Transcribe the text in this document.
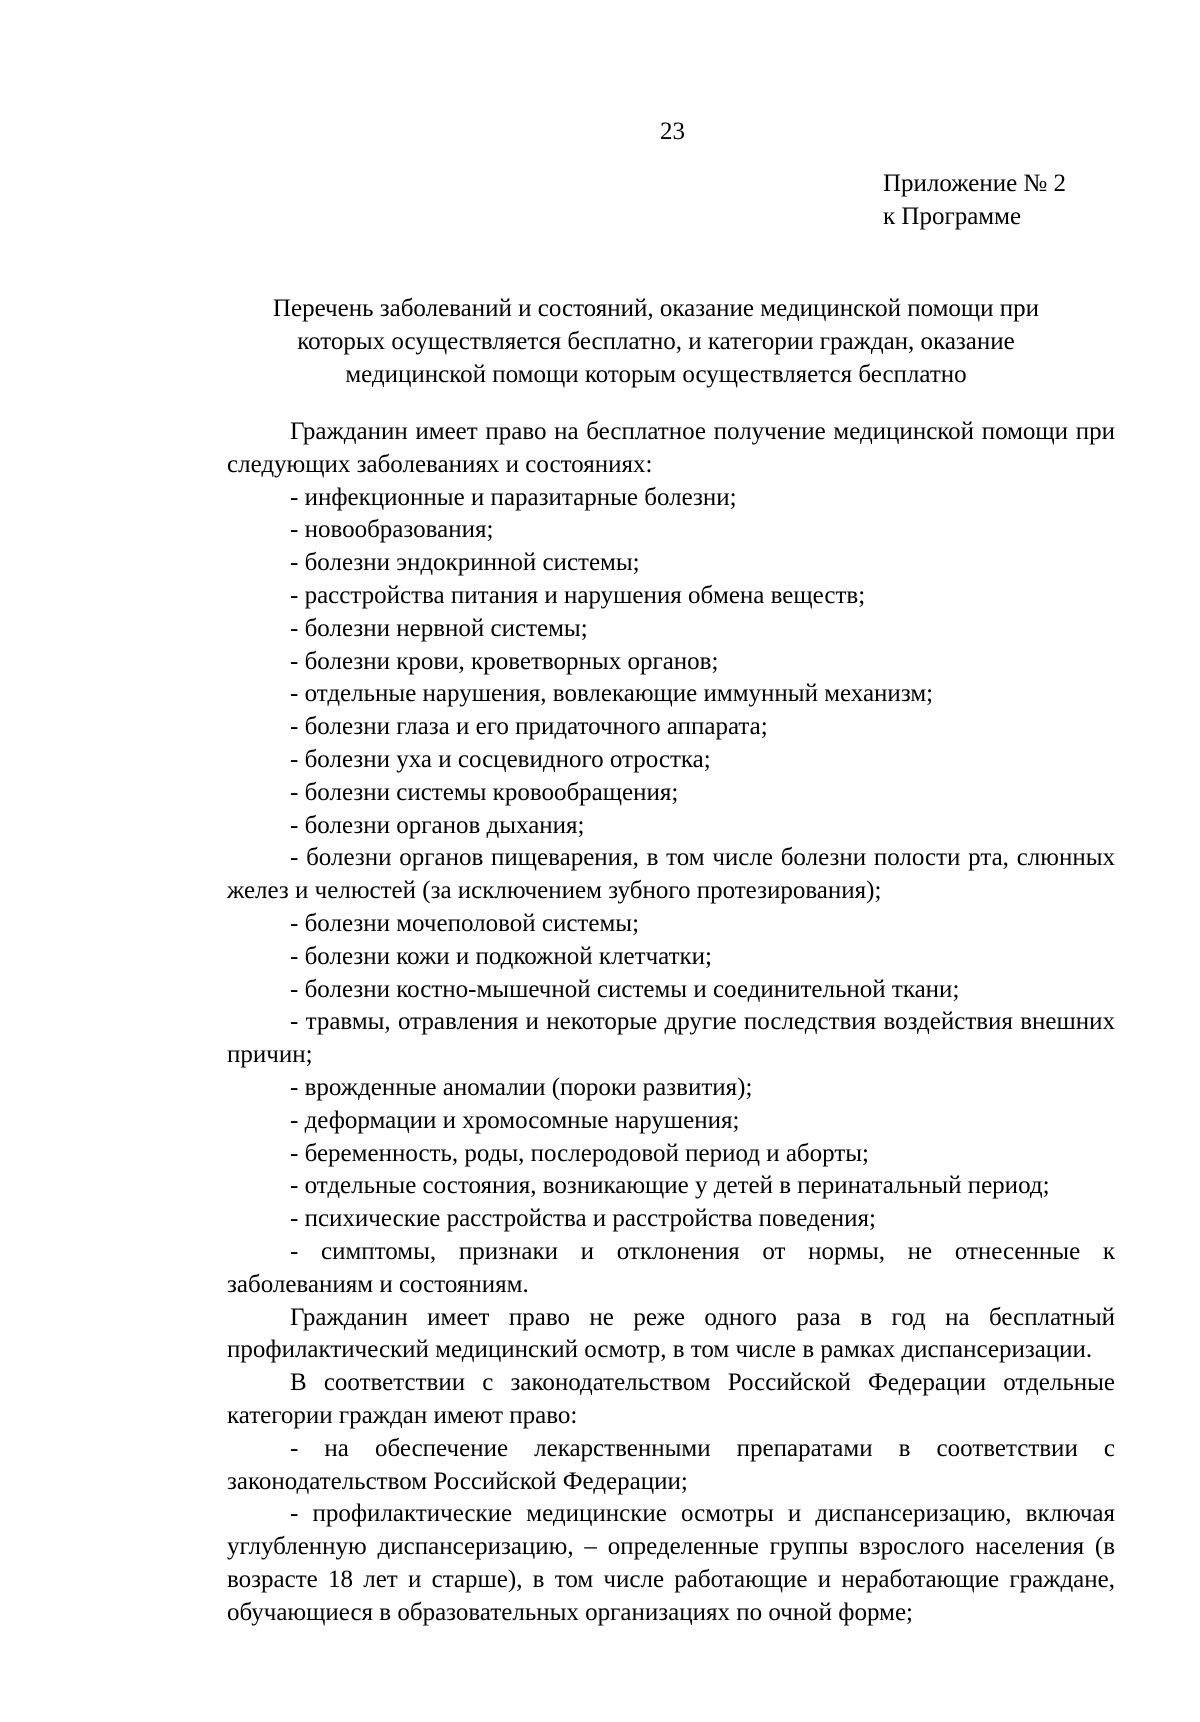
23
Приложение № 2
к Программе
Перечень заболеваний и состояний, оказание медицинской помощи при
которых осуществляется бесплатно, и категории граждан, оказание
медицинской помощи которым осуществляется бесплатно

Гражданин имеет право на бесплатное получение медицинской помощи при следующих заболеваниях и состояниях:

- инфекционные и паразитарные болезни;

- новообразования;

- болезни эндокринной системы;

- расстройства питания и нарушения обмена веществ;

- болезни нервной системы;

- болезни крови, кроветворных органов;

- отдельные нарушения, вовлекающие иммунный механизм;

- болезни глаза и его придаточного аппарата;

- болезни уха и сосцевидного отростка;

- болезни системы кровообращения;

- болезни органов дыхания;

- болезни органов пищеварения, в том числе болезни полости рта, слюнных желез и челюстей (за исключением зубного протезирования);

- болезни мочеполовой системы;

- болезни кожи и подкожной клетчатки;

- болезни костно-мышечной системы и соединительной ткани;

- травмы, отравления и некоторые другие последствия воздействия внешних причин;

- врожденные аномалии (пороки развития);

- деформации и хромосомные нарушения;

- беременность, роды, послеродовой период и аборты;

- отдельные состояния, возникающие у детей в перинатальный период;

- психические расстройства и расстройства поведения;

- симптомы, признаки и отклонения от нормы, не отнесенные к заболеваниям и состояниям.

Гражданин имеет право не реже одного раза в год на бесплатный профилактический медицинский осмотр, в том числе в рамках диспансеризации.

В соответствии с законодательством Российской Федерации отдельные категории граждан имеют право:

- на обеспечение лекарственными препаратами в соответствии с законодательством Российской Федерации;

- профилактические медицинские осмотры и диспансеризацию, включая углубленную диспансеризацию, – определенные группы взрослого населения (в возрасте 18 лет и старше), в том числе работающие и неработающие граждане, обучающиеся в образовательных организациях по очной форме;
